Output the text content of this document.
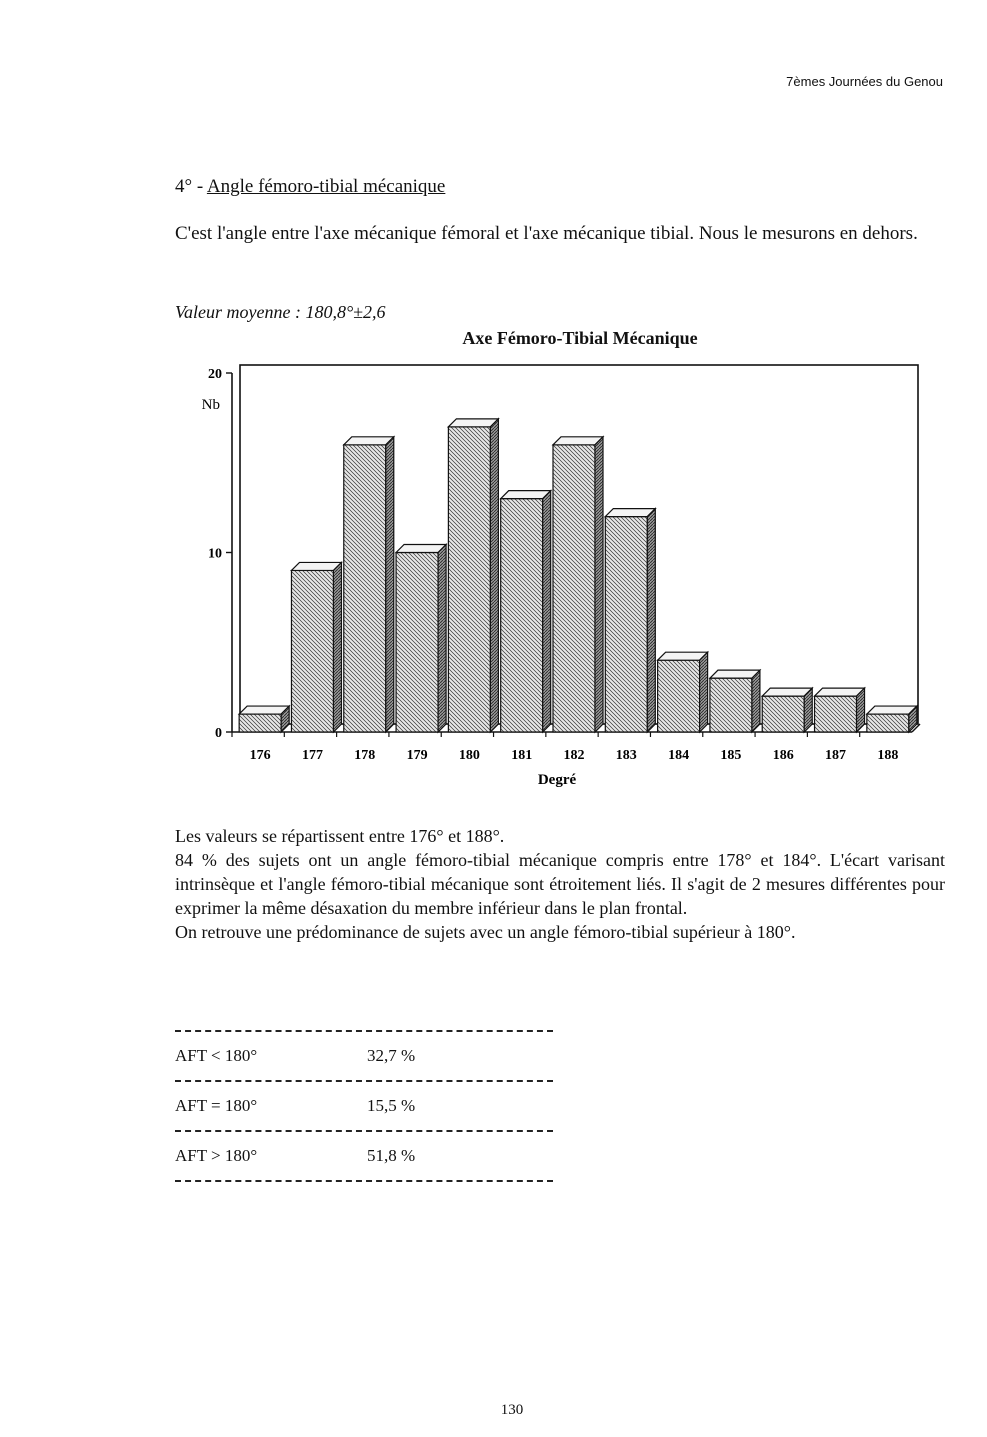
7èmes Journées du Genou
4° - Angle fémoro-tibial mécanique

C'est l'angle entre l'axe mécanique fémoral et l'axe mécanique tibial. Nous le mesurons en dehors.

Valeur moyenne : 180,8°±2,6
Axe Fémoro-Tibial Mécanique
0
10
20
176 177 178 179 180 181 182 183 184 185 186 187 188
Nb
Degré
Les valeurs se répartissent entre 176° et 188°.
84 % des sujets ont un angle fémoro-tibial mécanique compris entre 178° et 184°. L'écart varisant intrinsèque et l'angle fémoro-tibial mécanique sont étroitement liés. Il s'agit de 2 mesures différentes pour exprimer la même désaxation du membre inférieur dans le plan frontal.
On retrouve une prédominance de sujets avec un angle fémoro-tibial supérieur à 180°.
AFT < 180°	32,7 %
AFT = 180°	15,5 %
AFT > 180°	51,8 %
130
